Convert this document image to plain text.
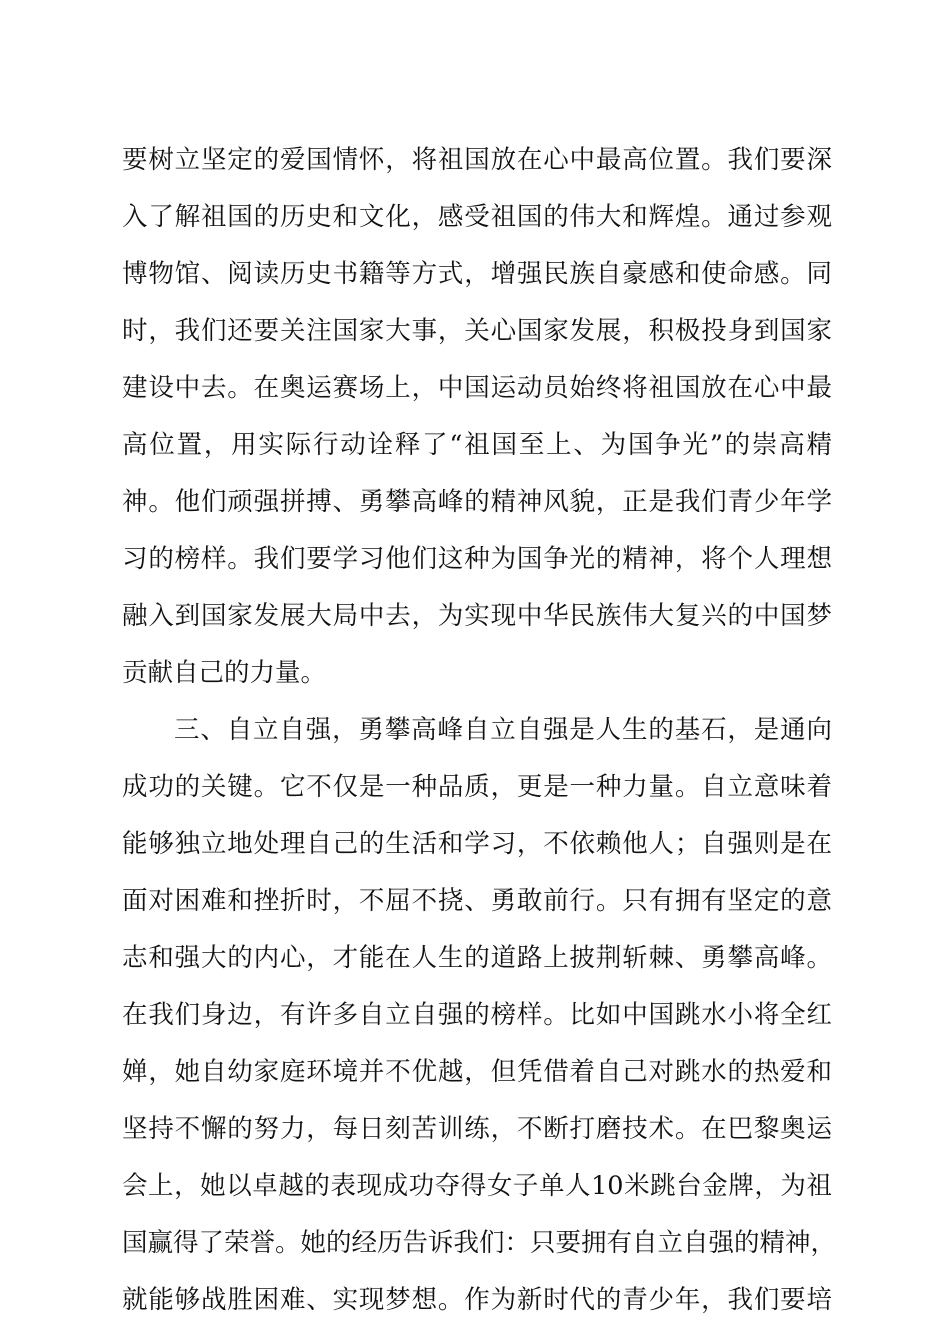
要树立坚定的爱国情怀，将祖国放在心中最高位置。我们要深
入了解祖国的历史和文化，感受祖国的伟大和辉煌。通过参观
博物馆、阅读历史书籍等方式，增强民族自豪感和使命感。同
时，我们还要关注国家大事，关心国家发展，积极投身到国家
建设中去。在奥运赛场上，中国运动员始终将祖国放在心中最
高位置，用实际行动诠释了“祖国至上、为国争光”的崇高精
神。他们顽强拼搏、勇攀高峰的精神风貌，正是我们青少年学
习的榜样。我们要学习他们这种为国争光的精神，将个人理想
融入到国家发展大局中去，为实现中华民族伟大复兴的中国梦
贡献自己的力量。
三、自立自强，勇攀高峰自立自强是人生的基石，是通向
成功的关键。它不仅是一种品质，更是一种力量。自立意味着
能够独立地处理自己的生活和学习，不依赖他人；自强则是在
面对困难和挫折时，不屈不挠、勇敢前行。只有拥有坚定的意
志和强大的内心，才能在人生的道路上披荆斩棘、勇攀高峰。
在我们身边，有许多自立自强的榜样。比如中国跳水小将全红
婵，她自幼家庭环境并不优越，但凭借着自己对跳水的热爱和
坚持不懈的努力，每日刻苦训练，不断打磨技术。在巴黎奥运
会上，她以卓越的表现成功夺得女子单人10米跳台金牌，为祖
国赢得了荣誉。她的经历告诉我们：只要拥有自立自强的精神，
就能够战胜困难、实现梦想。作为新时代的青少年，我们要培
